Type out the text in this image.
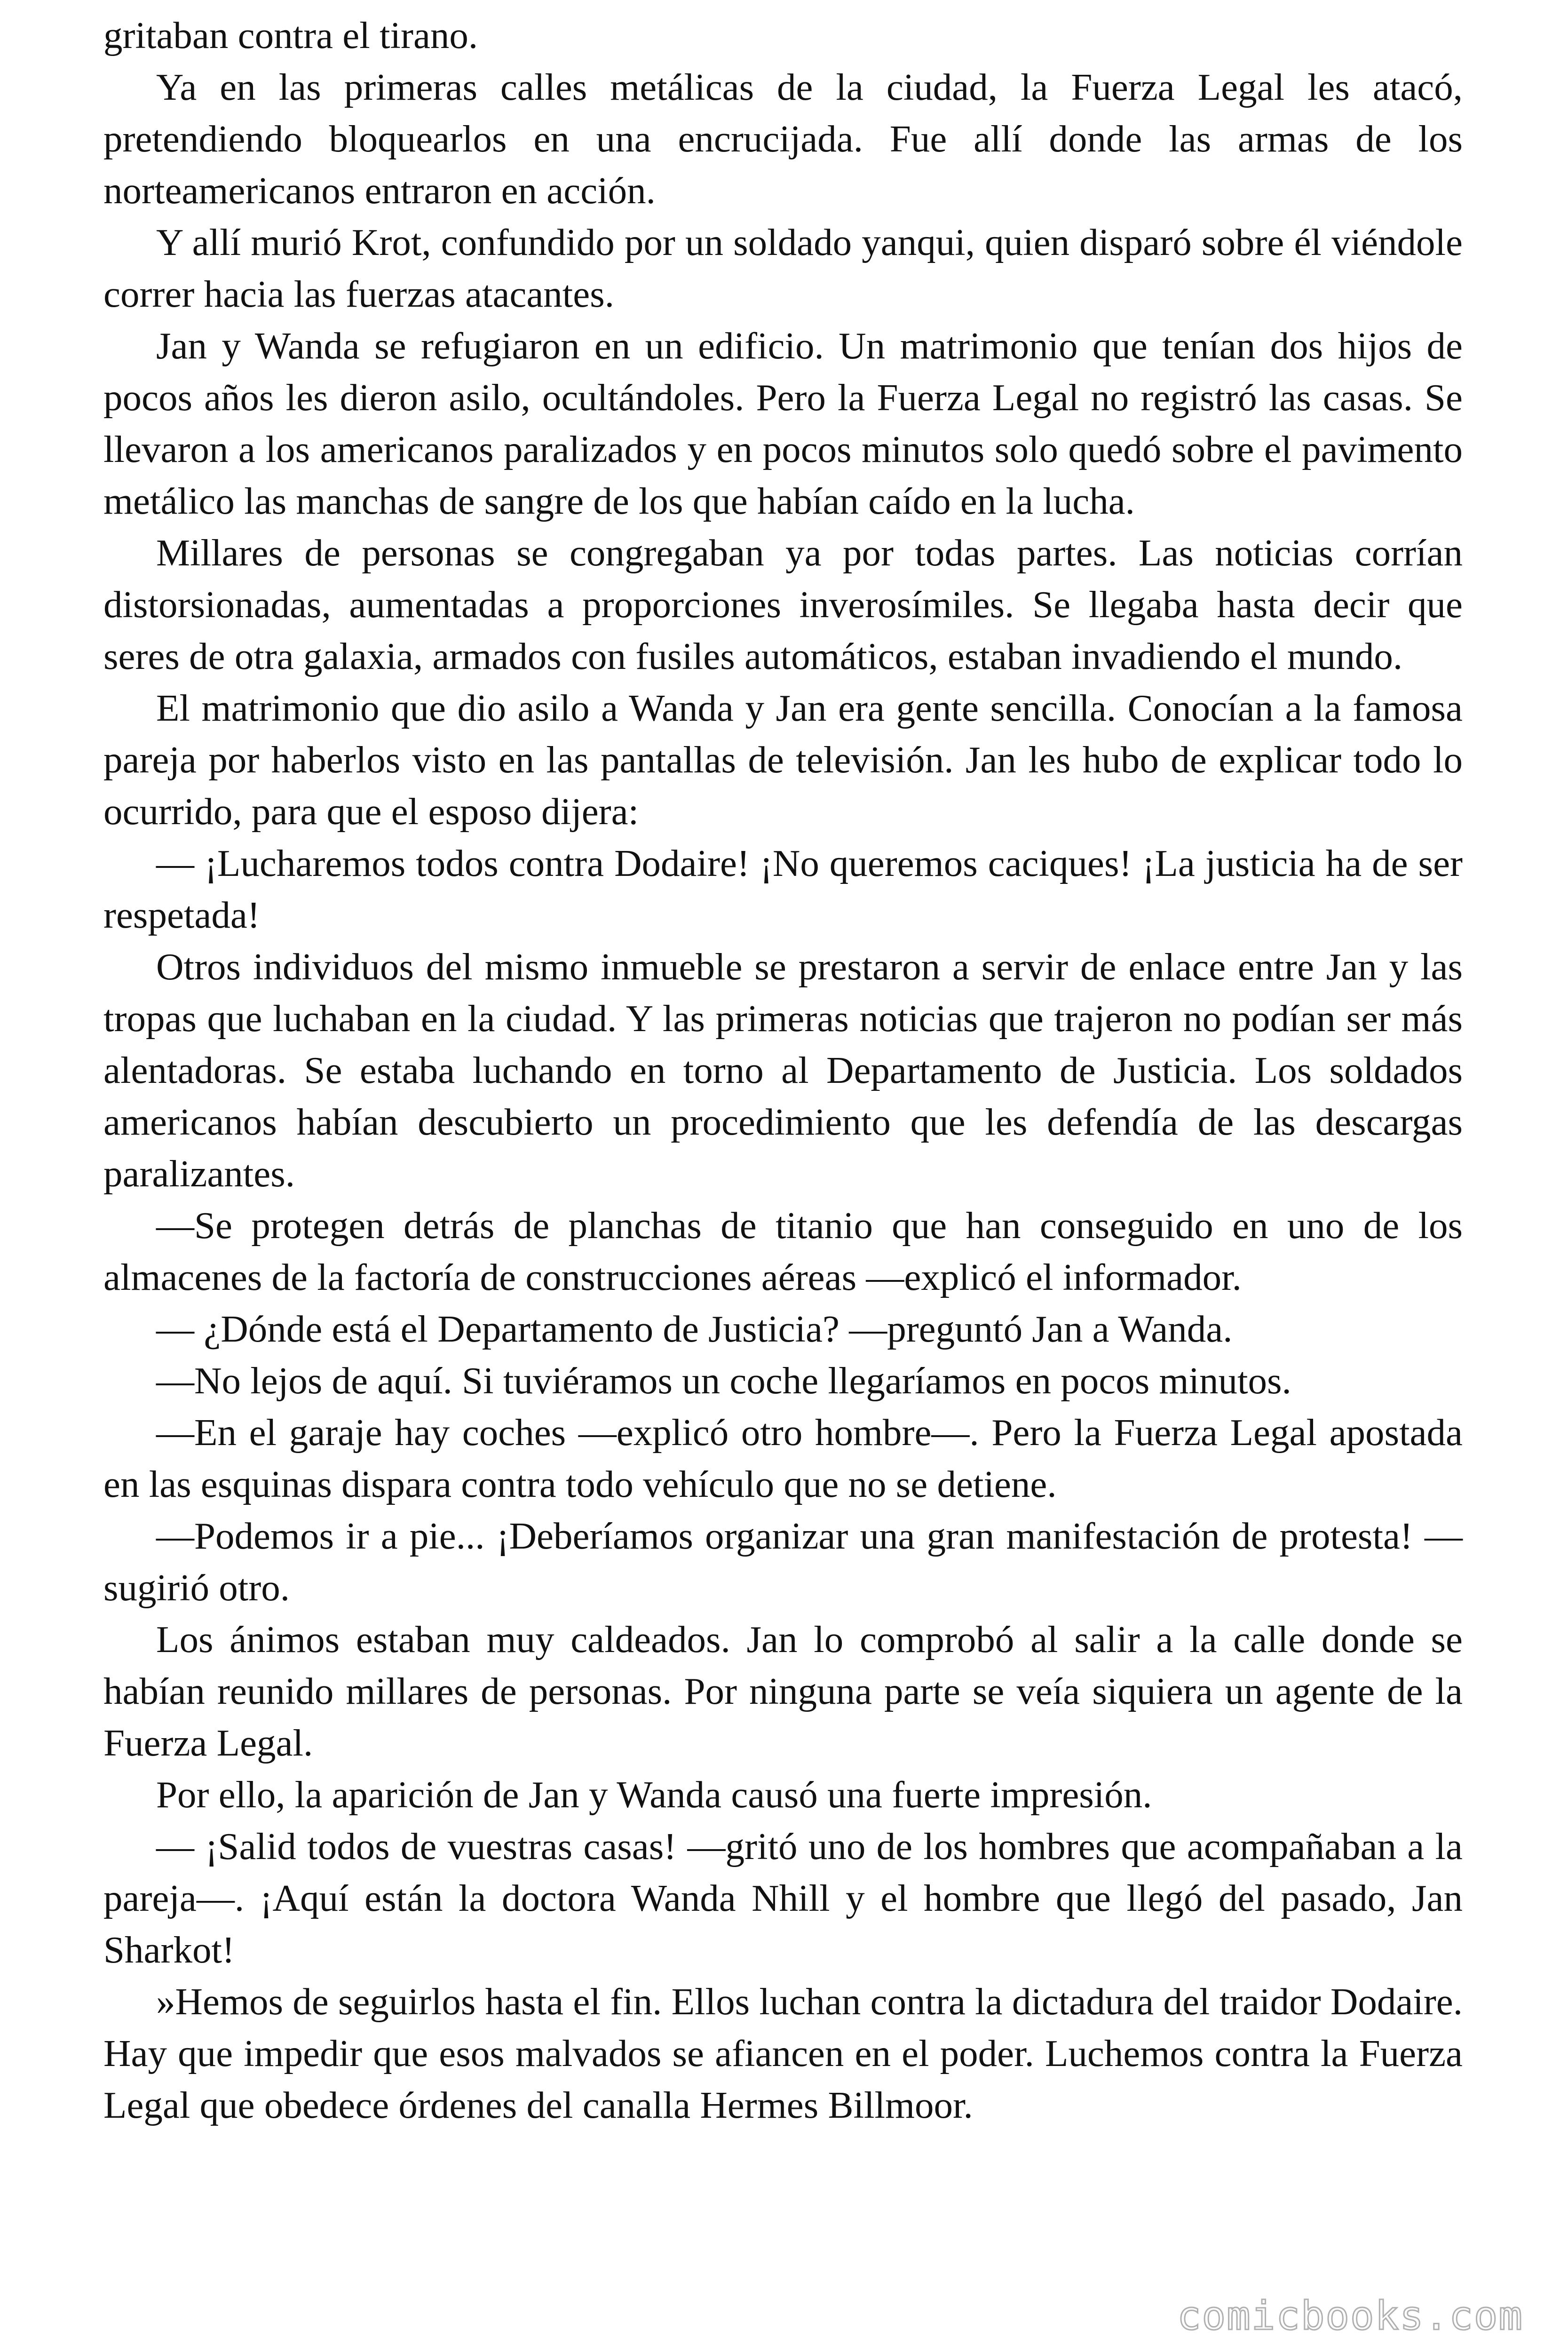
gritaban contra el tirano.

Ya en las primeras calles metálicas de la ciudad, la Fuerza Legal les atacó, pretendiendo bloquearlos en una encrucijada. Fue allí donde las armas de los norteamericanos entraron en acción.

Y allí murió Krot, confundido por un soldado yanqui, quien disparó sobre él viéndole correr hacia las fuerzas atacantes.

Jan y Wanda se refugiaron en un edificio. Un matrimonio que tenían dos hijos de pocos años les dieron asilo, ocultándoles. Pero la Fuerza Legal no registró las casas. Se llevaron a los americanos paralizados y en pocos minutos solo quedó sobre el pavimento metálico las manchas de sangre de los que habían caído en la lucha.

Millares de personas se congregaban ya por todas partes. Las noticias corrían distorsionadas, aumentadas a proporciones inverosímiles. Se llegaba hasta decir que seres de otra galaxia, armados con fusiles automáticos, estaban invadiendo el mundo.

El matrimonio que dio asilo a Wanda y Jan era gente sencilla. Conocían a la famosa pareja por haberlos visto en las pantallas de televisión. Jan les hubo de explicar todo lo ocurrido, para que el esposo dijera:

— ¡Lucharemos todos contra Dodaire! ¡No queremos caciques! ¡La justicia ha de ser respetada!

Otros individuos del mismo inmueble se prestaron a servir de enlace entre Jan y las tropas que luchaban en la ciudad. Y las primeras noticias que trajeron no podían ser más alentadoras. Se estaba luchando en torno al Departamento de Justicia. Los soldados americanos habían descubierto un procedimiento que les defendía de las descargas paralizantes.

—Se protegen detrás de planchas de titanio que han conseguido en uno de los almacenes de la factoría de construcciones aéreas —explicó el informador.

— ¿Dónde está el Departamento de Justicia? —preguntó Jan a Wanda.

—No lejos de aquí. Si tuviéramos un coche llegaríamos en pocos minutos.

—En el garaje hay coches —explicó otro hombre—. Pero la Fuerza Legal apostada en las esquinas dispara contra todo vehículo que no se detiene.

—Podemos ir a pie... ¡Deberíamos organizar una gran manifestación de protesta! —sugirió otro.

Los ánimos estaban muy caldeados. Jan lo comprobó al salir a la calle donde se habían reunido millares de personas. Por ninguna parte se veía siquiera un agente de la Fuerza Legal.

Por ello, la aparición de Jan y Wanda causó una fuerte impresión.

— ¡Salid todos de vuestras casas! —gritó uno de los hombres que acompañaban a la pareja—. ¡Aquí están la doctora Wanda Nhill y el hombre que llegó del pasado, Jan Sharkot!

»Hemos de seguirlos hasta el fin. Ellos luchan contra la dictadura del traidor Dodaire. Hay que impedir que esos malvados se afiancen en el poder. Luchemos contra la Fuerza Legal que obedece órdenes del canalla Hermes Billmoor.

comicbooks.com
